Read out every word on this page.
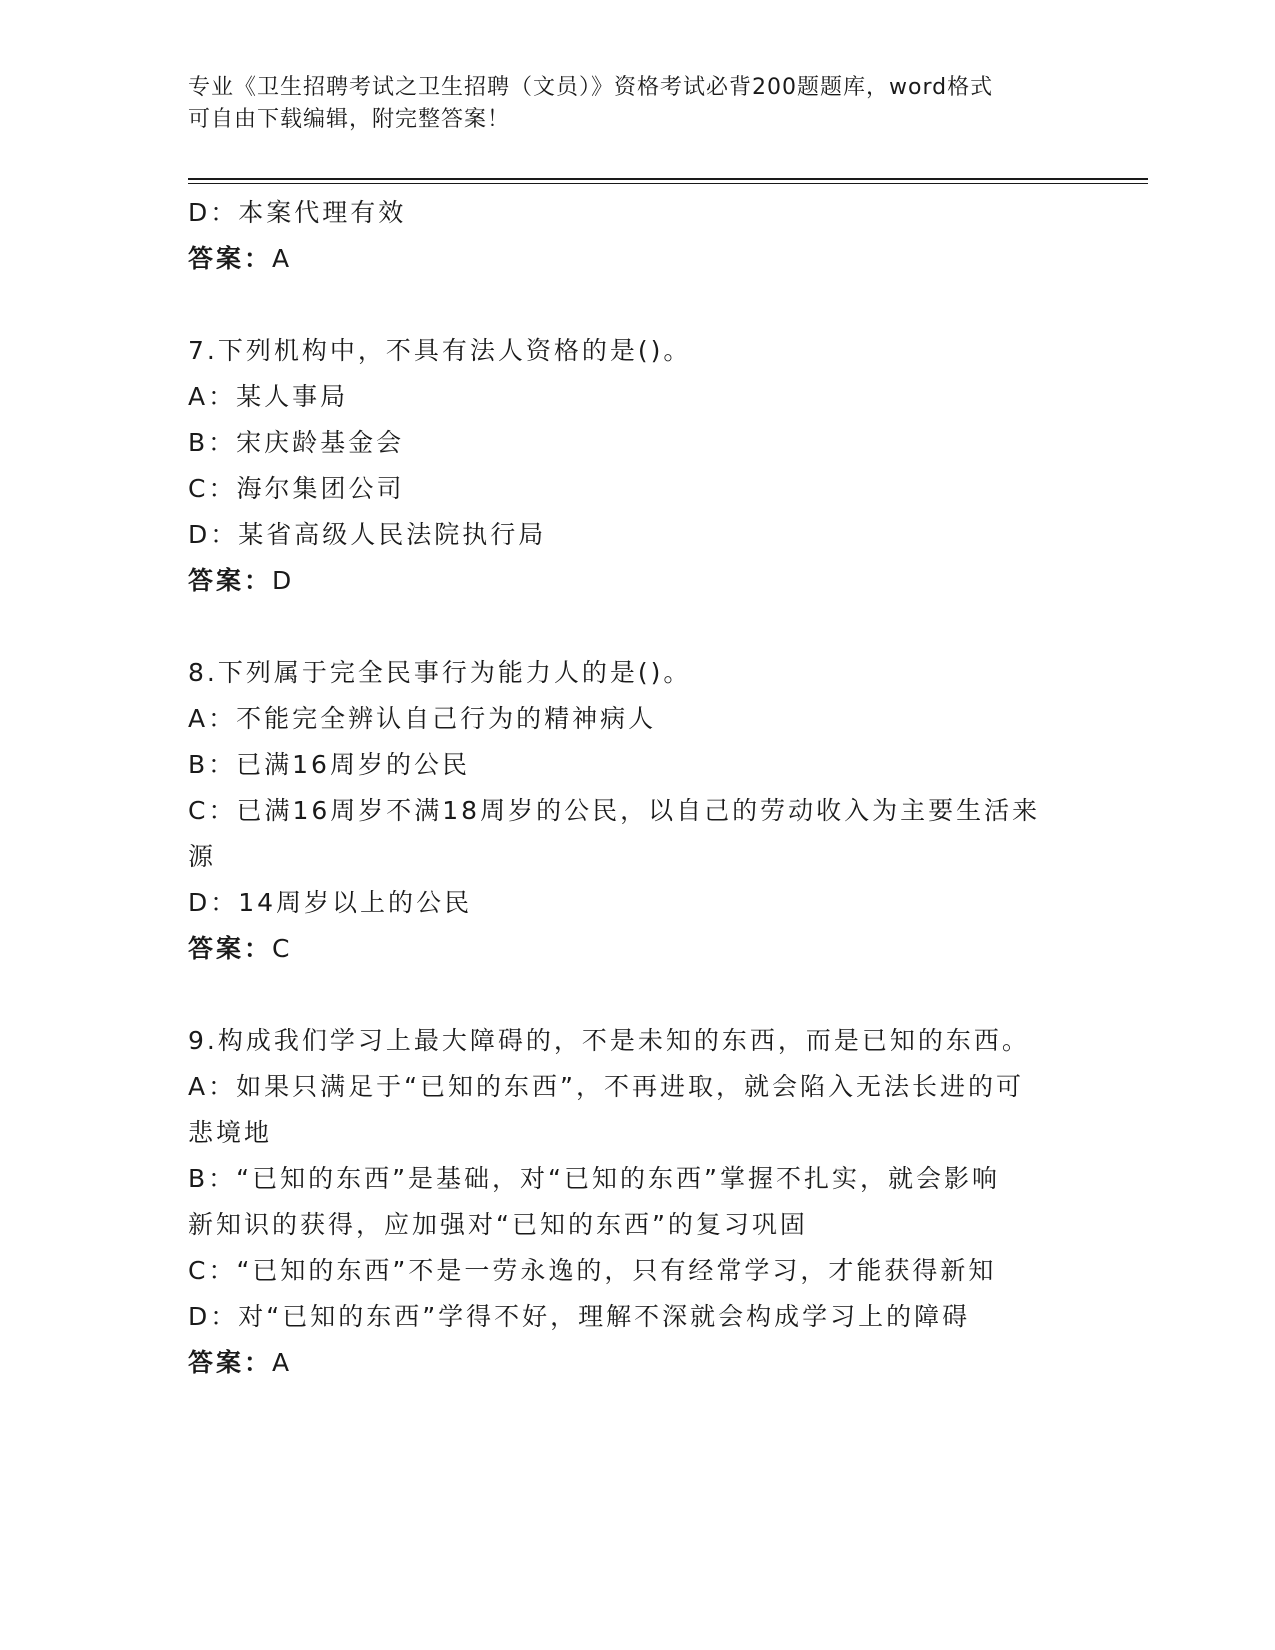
专业《卫生招聘考试之卫生招聘（文员）》资格考试必背200题题库，word格式
可自由下载编辑，附完整答案！
D：本案代理有效
答案：A
7.下列机构中，不具有法人资格的是()。
A：某人事局
B：宋庆龄基金会
C：海尔集团公司
D：某省高级人民法院执行局
答案：D
8.下列属于完全民事行为能力人的是()。
A：不能完全辨认自己行为的精神病人
B：已满16周岁的公民
C：已满16周岁不满18周岁的公民，以自己的劳动收入为主要生活来
源
D：14周岁以上的公民
答案：C
9.构成我们学习上最大障碍的，不是未知的东西，而是已知的东西。
A：如果只满足于“已知的东西”，不再进取，就会陷入无法长进的可
悲境地
B：“已知的东西”是基础，对“已知的东西”掌握不扎实，就会影响
新知识的获得，应加强对“已知的东西”的复习巩固
C：“已知的东西”不是一劳永逸的，只有经常学习，才能获得新知
D：对“已知的东西”学得不好，理解不深就会构成学习上的障碍
答案：A
